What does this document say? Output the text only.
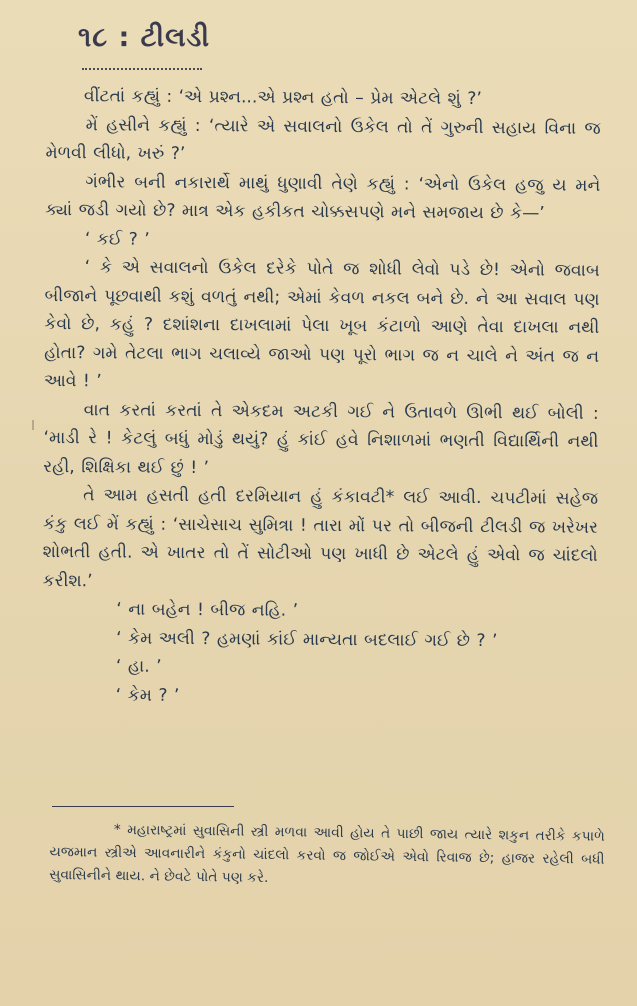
૧૮ : ટીલડી

વીંટતાં કહ્યું : ‘એ પ્રશ્ન...એ પ્રશ્ન હતો – પ્રેમ એટલે શું ?’

મેં હસીને કહ્યું : ‘ત્યારે એ સવાલનો ઉકેલ તો તેં ગુરુની સહાય વિના જ મેળવી લીધો, ખરું ?’

ગંભીર બની નકારાર્થે માથું ધુણાવી તેણે કહ્યું : ‘એનો ઉકેલ હજુ ય મને ક્યાં જડી ગયો છે? માત્ર એક હકીકત ચોક્કસપણે મને સમજાય છે કે—’

‘ કઈ ? ’

‘ કે એ સવાલનો ઉકેલ દરેકે પોતે જ શોધી લેવો પડે છે! એનો જવાબ બીજાને પૂછવાથી કશું વળતું નથી; એમાં કેવળ નકલ બને છે. ને આ સવાલ પણ કેવો છે, કહું ? દશાંશના દાખલામાં પેલા ખૂબ કંટાળો આણે તેવા દાખલા નથી હોતા? ગમે તેટલા ભાગ ચલાવ્યે જાઓ પણ પૂરો ભાગ જ ન ચાલે ને અંત જ ન આવે ! ’

વાત કરતાં કરતાં તે એકદમ અટકી ગઈ ને ઉતાવળે ઊભી થઈ બોલી : ‘માડી રે ! કેટલું બધું મોડું થયું? હું કાંઈ હવે નિશાળમાં ભણતી વિદ્યાર્થિની નથી રહી, શિક્ષિકા થઈ છું ! ’

તે આમ હસતી હતી દરમિયાન હું કંકાવટી* લઈ આવી. ચપટીમાં સહેજ કંકુ લઈ મેં કહ્યું : ‘સાચેસાચ સુમિત્રા ! તારા મોં પર તો બીજની ટીલડી જ ખરેખર શોભતી હતી. એ ખાતર તો તેં સોટીઓ પણ ખાધી છે એટલે હું એવો જ ચાંદલો કરીશ.’

‘ ના બહેન ! બીજ નહિ. ’

‘ કેમ અલી ? હમણાં કાંઈ માન્યતા બદલાઈ ગઈ છે ? ’

‘ હા. ’

‘ કેમ ? ’

* મહારાષ્ટ્રમાં સુવાસિની સ્ત્રી મળવા આવી હોય તે પાછી જાય ત્યારે શકુન તરીકે કપાળે યજમાન સ્ત્રીએ આવનારીને કંકુનો ચાંદલો કરવો જ જોઈએ એવો રિવાજ છે; હાજર રહેલી બધી સુવાસિનીને થાય. ને છેવટે પોતે પણ કરે.
